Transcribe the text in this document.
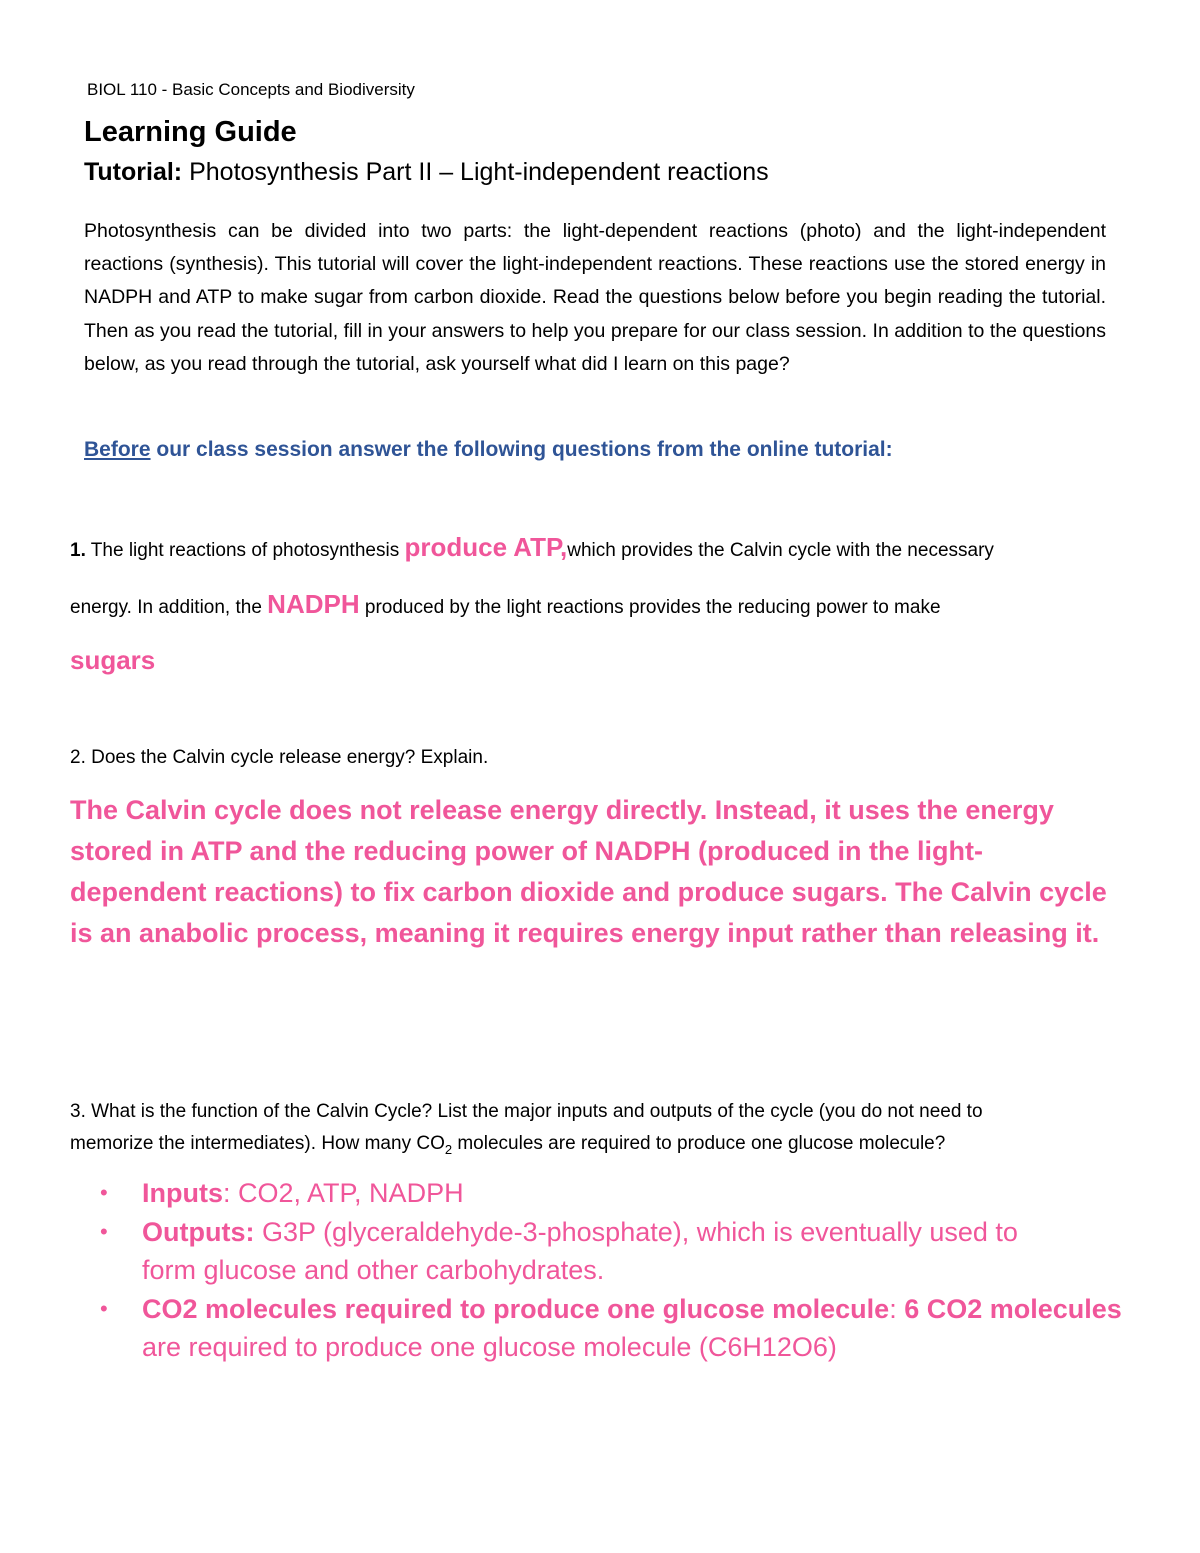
BIOL 110 - Basic Concepts and Biodiversity
Learning Guide
Tutorial: Photosynthesis Part II – Light-independent reactions
Photosynthesis can be divided into two parts: the light-dependent reactions (photo) and the light-independent reactions (synthesis). This tutorial will cover the light-independent reactions. These reactions use the stored energy in NADPH and ATP to make sugar from carbon dioxide. Read the questions below before you begin reading the tutorial. Then as you read the tutorial, fill in your answers to help you prepare for our class session. In addition to the questions below, as you read through the tutorial, ask yourself what did I learn on this page?
Before our class session answer the following questions from the online tutorial:
1. The light reactions of photosynthesis produce ATP,which provides the Calvin cycle with the necessary
energy. In addition, the NADPH produced by the light reactions provides the reducing power to make
sugars
2. Does the Calvin cycle release energy? Explain.
The Calvin cycle does not release energy directly. Instead, it uses the energy
stored in ATP and the reducing power of NADPH (produced in the light-
dependent reactions) to fix carbon dioxide and produce sugars. The Calvin cycle
is an anabolic process, meaning it requires energy input rather than releasing it.
3. What is the function of the Calvin Cycle? List the major inputs and outputs of the cycle (you do not need to
memorize the intermediates). How many $CO_2$ molecules are required to produce one glucose molecule?
• Inputs: CO2, ATP, NADPH
• Outputs: G3P (glyceraldehyde-3-phosphate), which is eventually used to
form glucose and other carbohydrates.
• CO2 molecules required to produce one glucose molecule: 6 CO2 molecules
are required to produce one glucose molecule (C6H12O6)
